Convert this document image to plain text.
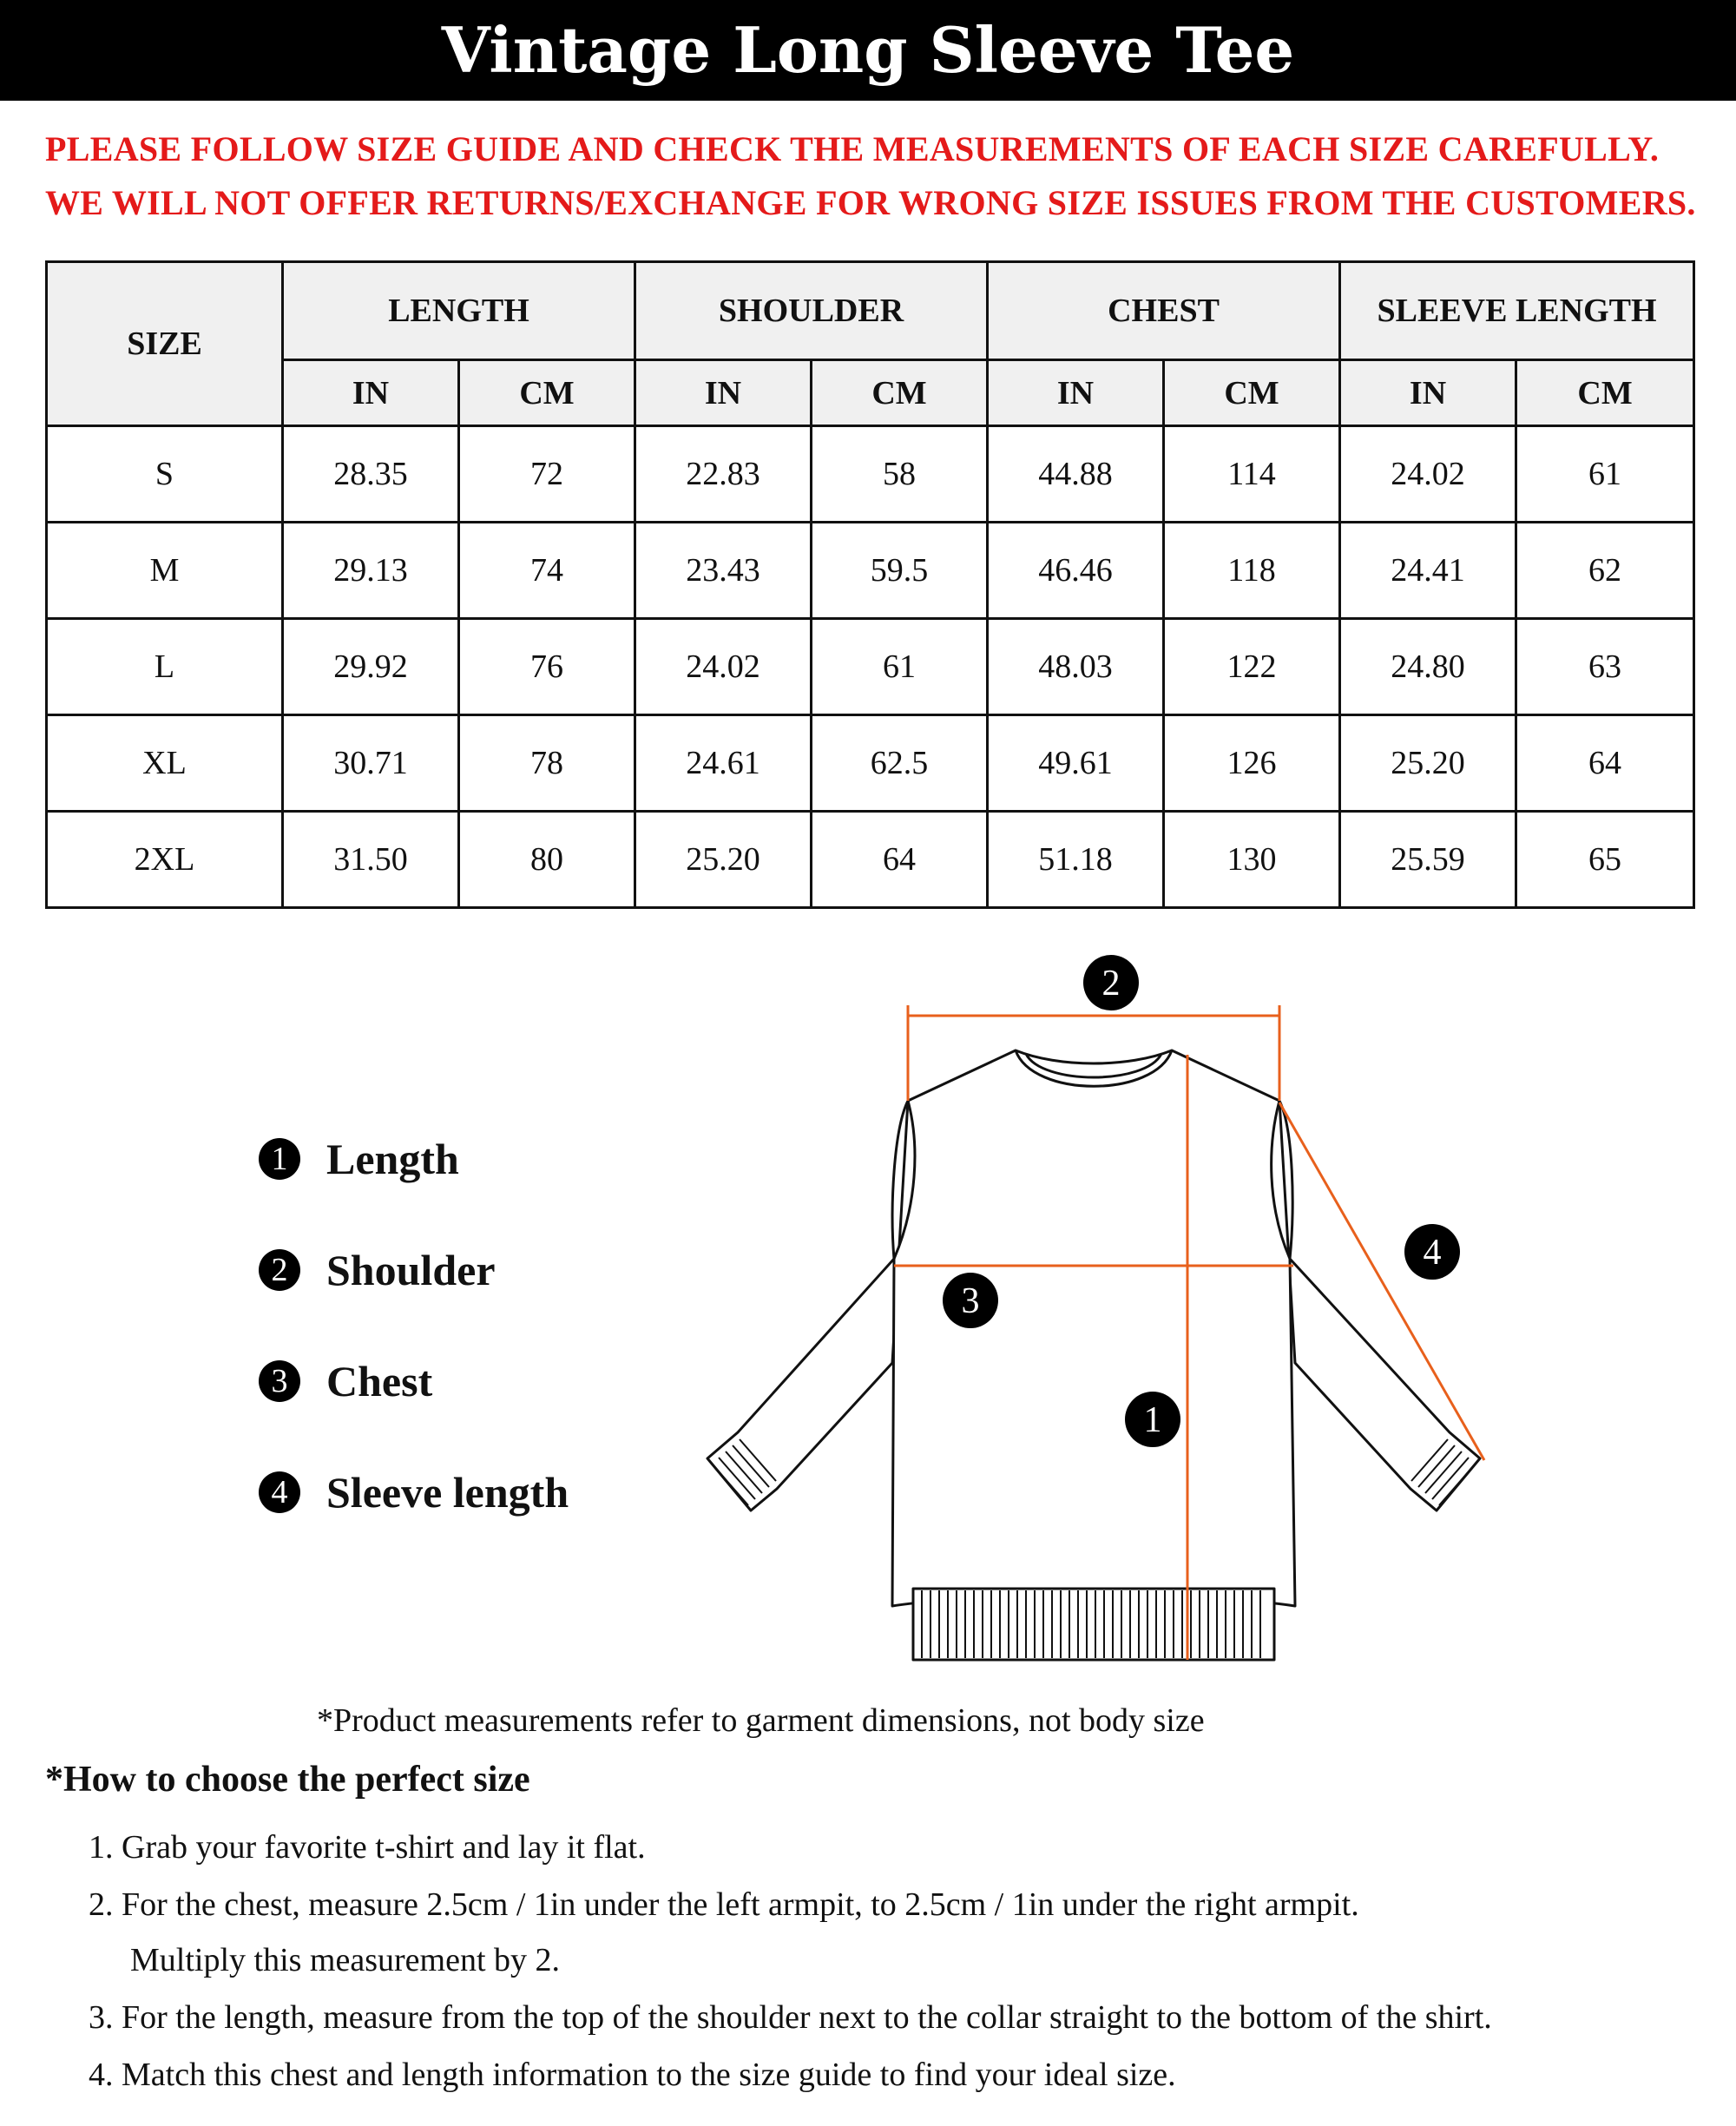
Vintage Long Sleeve Tee
PLEASE FOLLOW SIZE GUIDE AND CHECK THE MEASUREMENTS OF EACH SIZE CAREFULLY.
WE WILL NOT OFFER RETURNS/EXCHANGE FOR WRONG SIZE ISSUES FROM THE CUSTOMERS.
SIZE	LENGTH		SHOULDER		CHEST		SLEEVE LENGTH	
	IN	CM	IN	CM	IN	CM	IN	CM
S	28.35	72	22.83	58	44.88	114	24.02	61
M	29.13	74	23.43	59.5	46.46	118	24.41	62
L	29.92	76	24.02	61	48.03	122	24.80	63
XL	30.71	78	24.61	62.5	49.61	126	25.20	64
2XL	31.50	80	25.20	64	51.18	130	25.59	65
1 Length
2 Shoulder
3 Chest
4 Sleeve length
2
3
1
4
*Product measurements refer to garment dimensions, not body size
*How to choose the perfect size
1. Grab your favorite t-shirt and lay it flat.
2. For the chest, measure 2.5cm / 1in under the left armpit, to 2.5cm / 1in under the right armpit.
Multiply this measurement by 2.
3. For the length, measure from the top of the shoulder next to the collar straight to the bottom of the shirt.
4. Match this chest and length information to the size guide to find your ideal size.
